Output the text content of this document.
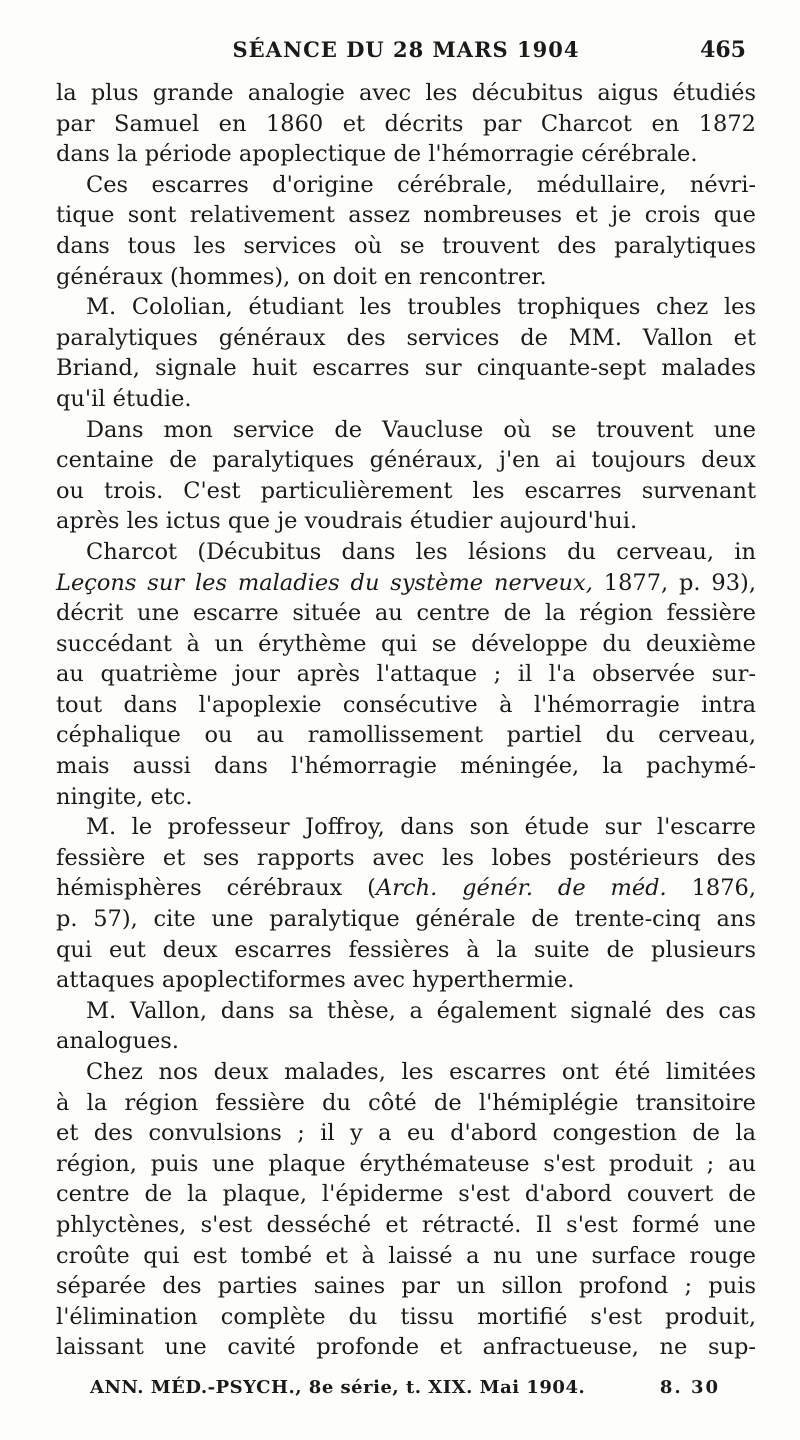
SÉANCE DU 28 MARS 1904	465
la plus grande analogie avec les décubitus aigus étudiés
par Samuel en 1860 et décrits par Charcot en 1872
dans la période apoplectique de l'hémorragie cérébrale.
Ces escarres d'origine cérébrale, médullaire, névri-
tique sont relativement assez nombreuses et je crois que
dans tous les services où se trouvent des paralytiques
généraux (hommes), on doit en rencontrer.
M. Cololian, étudiant les troubles trophiques chez les
paralytiques généraux des services de MM. Vallon et
Briand, signale huit escarres sur cinquante-sept malades
qu'il étudie.
Dans mon service de Vaucluse où se trouvent une
centaine de paralytiques généraux, j'en ai toujours deux
ou trois. C'est particulièrement les escarres survenant
après les ictus que je voudrais étudier aujourd'hui.
Charcot (Décubitus dans les lésions du cerveau, in
Leçons sur les maladies du système nerveux, 1877, p. 93),
décrit une escarre située au centre de la région fessière
succédant à un érythème qui se développe du deuxième
au quatrième jour après l'attaque ; il l'a observée sur-
tout dans l'apoplexie consécutive à l'hémorragie intra
céphalique ou au ramollissement partiel du cerveau,
mais aussi dans l'hémorragie méningée, la pachymé-
ningite, etc.
M. le professeur Joffroy, dans son étude sur l'escarre
fessière et ses rapports avec les lobes postérieurs des
hémisphères cérébraux (Arch. génér. de méd. 1876,
p. 57), cite une paralytique générale de trente-cinq ans
qui eut deux escarres fessières à la suite de plusieurs
attaques apoplectiformes avec hyperthermie.
M. Vallon, dans sa thèse, a également signalé des cas
analogues.
Chez nos deux malades, les escarres ont été limitées
à la région fessière du côté de l'hémiplégie transitoire
et des convulsions ; il y a eu d'abord congestion de la
région, puis une plaque érythémateuse s'est produit ; au
centre de la plaque, l'épiderme s'est d'abord couvert de
phlyctènes, s'est desséché et rétracté. Il s'est formé une
croûte qui est tombé et à laissé a nu une surface rouge
séparée des parties saines par un sillon profond ; puis
l'élimination complète du tissu mortifié s'est produit,
laissant une cavité profonde et anfractueuse, ne sup-
ANN. MÉD.-PSYCH., 8e série, t. XIX. Mai 1904.	8. 30
